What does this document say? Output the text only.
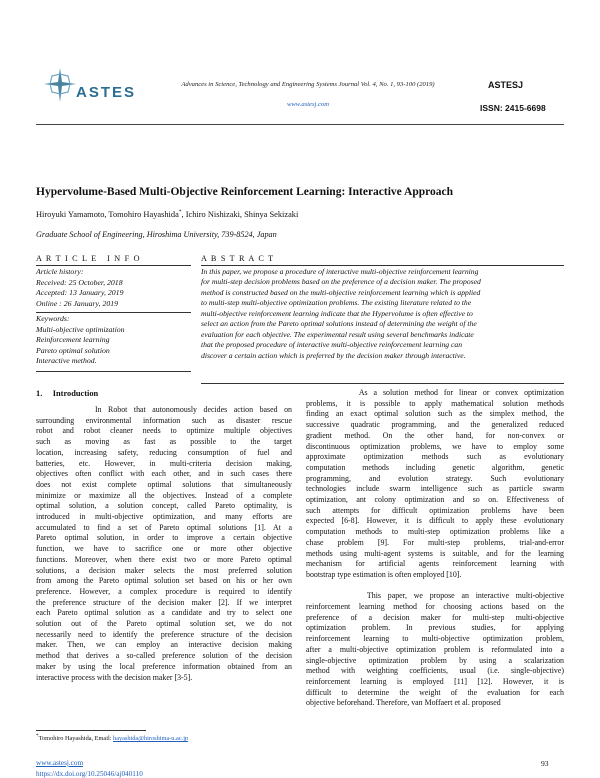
ASTES	Advances in Science, Technology and Engineering Systems Journal Vol. 4, No. 1, 93-100 (2019)
www.astesj.com
ASTESJ
ISSN: 2415-6698
Hypervolume-Based Multi-Objective Reinforcement Learning: Interactive Approach
Hiroyuki Yamamoto, Tomohiro Hayashida*, Ichiro Nishizaki, Shinya Sekizaki
Graduate School of Engineering, Hiroshima University, 739-8524, Japan
A R T I C L E   I N F O
Article history:
Received: 25 October, 2018
Accepted: 13 January, 2019
Online : 26 January, 2019
Keywords:
Multi-objective optimization
Reinforcement learning
Pareto optimal solution
Interactive method.
A B S T R A C T
In this paper, we propose a procedure of interactive multi-objective reinforcement learning
for multi-step decision problems based on the preference of a decision maker. The proposed
method is constructed based on the multi-objective reinforcement learning which is applied
to multi-step multi-objective optimization problems. The existing literature related to the
multi-objective reinforcement learning indicate that the Hypervolume is often effective to
select an action from the Pareto optimal solutions instead of determining the weight of the
evaluation for each objective. The experimental result using several benchmarks indicate
that the proposed procedure of interactive multi-objective reinforcement learning can
discover a certain action which is preferred by the decision maker through interactive.
1.     Introduction
In Robot that autonomously decides action based on
surrounding environmental information such as disaster rescue
robot and robot cleaner needs to optimize multiple objectives
such as moving as fast as possible to the target
location, increasing safety, reducing consumption of fuel and
batteries, etc. However, in multi-criteria decision making,
objectives often conflict with each other, and in such cases there
does not exist complete optimal solutions that simultaneously
minimize or maximize all the objectives. Instead of a complete
optimal solution, a solution concept, called Pareto optimality, is
introduced in multi-objective optimization, and many efforts are
accumulated to find a set of Pareto optimal solutions [1]. At a
Pareto optimal solution, in order to improve a certain objective
function, we have to sacrifice one or more other objective
functions. Moreover, when there exist two or more Pareto optimal
solutions, a decision maker selects the most preferred solution
from among the Pareto optimal solution set based on his or her own
preference. However, a complex procedure is required to identify
the preference structure of the decision maker [2]. If we interpret
each Pareto optimal solution as a candidate and try to select one
solution out of the Pareto optimal solution set, we do not
necessarily need to identify the preference structure of the decision
maker. Then, we can employ an interactive decision making
method that derives a so-called preference solution of the decision
maker by using the local preference information obtained from an
interactive process with the decision maker [3-5].
As a solution method for linear or convex optimization
problems, it is possible to apply mathematical solution methods
finding an exact optimal solution such as the simplex method, the
successive quadratic programming, and the generalized reduced
gradient method. On the other hand, for non-convex or
discontinuous optimization problems, we have to employ some
approximate optimization methods such as evolutionary
computation methods including genetic algorithm, genetic
programming, and evolution strategy. Such evolutionary
technologies include swarm intelligence such as particle swarm
optimization, ant colony optimization and so on. Effectiveness of
such attempts for difficult optimization problems have been
expected [6-8]. However, it is difficult to apply these evolutionary
computation methods to multi-step optimization problems like a
chase problem [9]. For multi-step problems, trial-and-error
methods using multi-agent systems is suitable, and for the learning
mechanism for artificial agents reinforcement learning with
bootstrap type estimation is often employed [10].
This paper, we propose an interactive multi-objective
reinforcement learning method for choosing actions based on the
preference of a decision maker for multi-step multi-objective
optimization problem. In previous studies, for applying
reinforcement learning to multi-objective optimization problem,
after a multi-objective optimization problem is reformulated into a
single-objective optimization problem by using a scalarization
method with weighting coefficients, usual (i.e. single-objective)
reinforcement learning is employed [11] [12]. However, it is
difficult to determine the weight of the evaluation for each
objective beforehand. Therefore, van Moffaert et al. proposed
*Tomohiro Hayashida, Email: hayashida@hiroshima-u.ac.jp
www.astesj.com
https://dx.doi.org/10.25046/aj040110
93
